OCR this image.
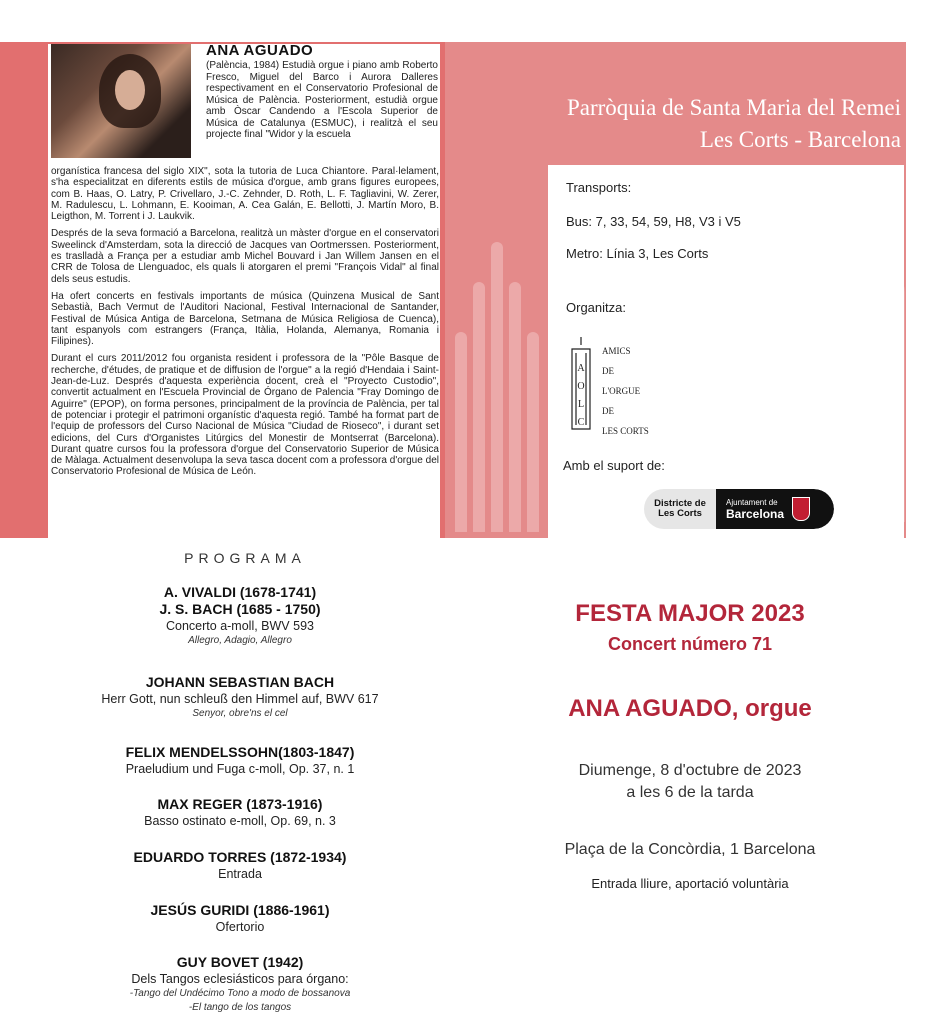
ANA AGUADO
(Palència, 1984) Estudià orgue i piano amb Roberto Fresco, Miguel del Barco i Aurora Dalleres respectivament en el Conservatorio Profesional de Música de Palència. Posteriorment, estudià orgue amb Òscar Candendo a l'Escola Superior de Música de Catalunya (ESMUC), i realitzà el seu projecte final "Widor y la escuela

organística francesa del siglo XIX", sota la tutoria de Luca Chiantore. Paral·lelament, s'ha especialitzat en diferents estils de música d'orgue, amb grans figures europees, com B. Haas, O. Latry, P. Crivellaro, J.-C. Zehnder, D. Roth, L. F. Tagliavini, W. Zerer, M. Radulescu, L. Lohmann, E. Kooiman, A. Cea Galán, E. Bellotti, J. Martín Moro, B. Leigthon, M. Torrent i J. Laukvik.

Després de la seva formació a Barcelona, realitzà un màster d'orgue en el conservatori Sweelinck d'Amsterdam, sota la direcció de Jacques van Oortmerssen. Posteriorment, es traslladà a França per a estudiar amb Michel Bouvard i Jan Willem Jansen en el CRR de Tolosa de Llenguadoc, els quals li atorgaren el premi "François Vidal" al final dels seus estudis.

Ha ofert concerts en festivals importants de música (Quinzena Musical de Sant Sebastià, Bach Vermut de l'Auditori Nacional, Festival Internacional de Santander, Festival de Música Antiga de Barcelona, Setmana de Música Religiosa de Cuenca), tant espanyols com estrangers (França, Itàlia, Holanda, Alemanya, Romania i Filipines).

Durant el curs 2011/2012 fou organista resident i professora de la "Pôle Basque de recherche, d'études, de pratique et de diffusion de l'orgue" a la regió d'Hendaia i Saint-Jean-de-Luz. Després d'aquesta experiència docent, creà el "Proyecto Custodio", convertit actualment en l'Escuela Provincial de Órgano de Palencia "Fray Domingo de Aguirre" (EPOP), on forma persones, principalment de la província de Palència, per tal de potenciar i protegir el patrimoni organístic d'aquesta regió. També ha format part de l'equip de professors del Curso Nacional de Música "Ciudad de Rioseco", i durant set edicions, del Curs d'Organistes Litúrgics del Monestir de Montserrat (Barcelona). Durant quatre cursos fou la professora d'orgue del Conservatorio Superior de Música de Màlaga. Actualment desenvolupa la seva tasca docent com a professora d'orgue del Conservatorio Profesional de Música de León.

Parròquia de Santa Maria del Remei
Les Corts - Barcelona
Transports:
Bus: 7, 33, 54, 59, H8, V3 i V5
Metro: Línia 3, Les Corts
Organitza:
A
O
L
C
AMICS
DE
L'ORGUE
DE
LES CORTS
Amb el suport de:
Districte de
Les Corts
Ajuntament de
Barcelona
PROGRAMA
A. VIVALDI (1678-1741)
J. S. BACH (1685 - 1750)
Concerto a-moll, BWV 593
Allegro, Adagio, Allegro
JOHANN SEBASTIAN BACH
Herr Gott, nun schleuß den Himmel auf, BWV 617
Senyor, obre'ns el cel
FELIX MENDELSSOHN(1803-1847)
Praeludium und Fuga c-moll, Op. 37, n. 1
MAX REGER (1873-1916)
Basso ostinato e-moll, Op. 69, n. 3
EDUARDO TORRES (1872-1934)
Entrada
JESÚS GURIDI (1886-1961)
Ofertorio
GUY BOVET (1942)
Dels Tangos eclesiásticos para órgano:
-Tango del Undécimo Tono a modo de bossanova
-El tango de los tangos
FESTA MAJOR 2023
Concert número 71
ANA AGUADO, orgue
Diumenge, 8 d'octubre de 2023
a les 6 de la tarda
Plaça de la Concòrdia, 1 Barcelona
Entrada lliure, aportació voluntària
